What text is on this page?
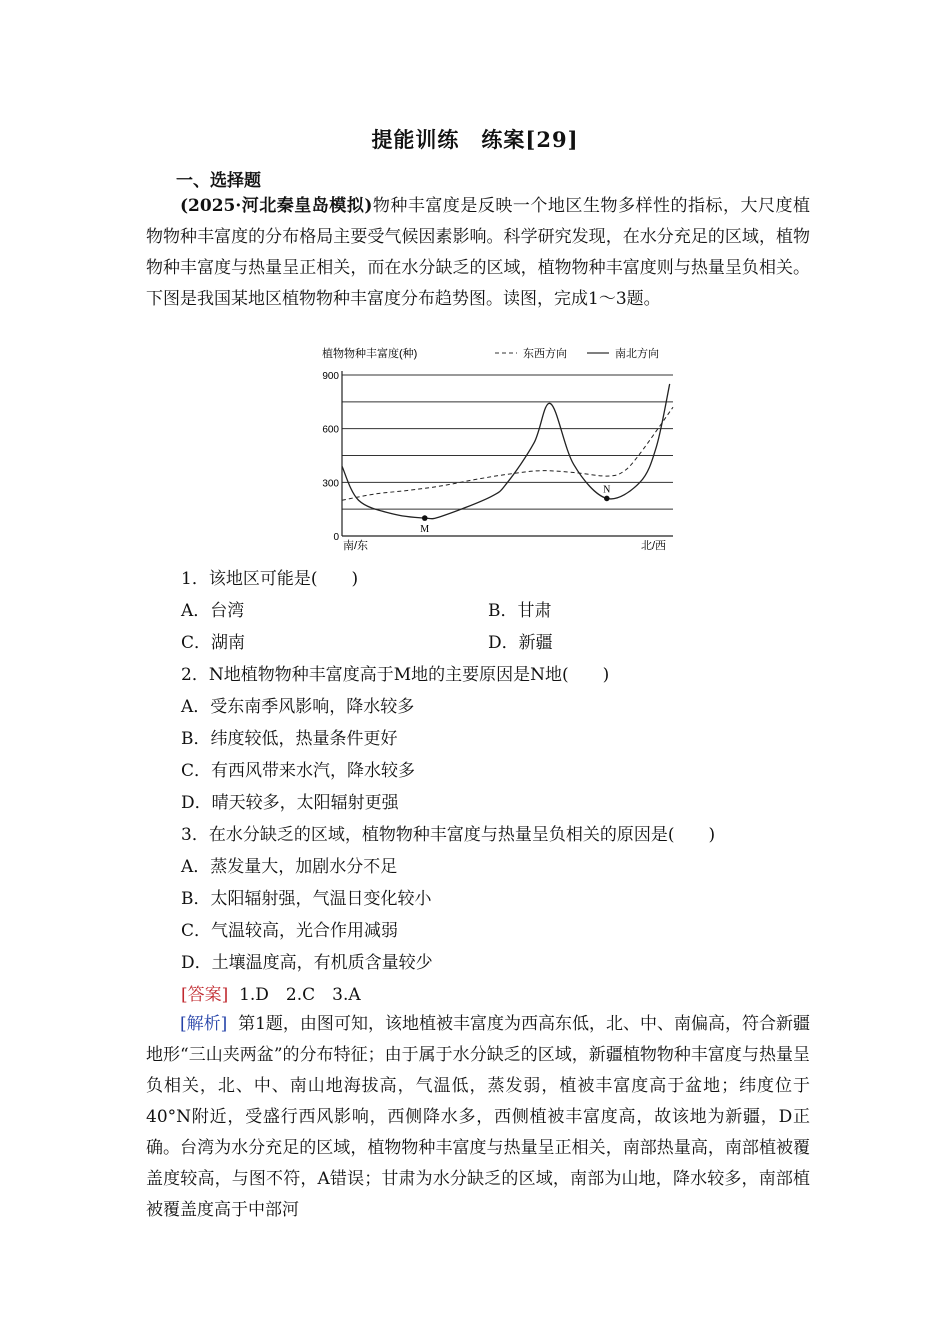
提能训练　练案[29]
一、选择题
(2025·河北秦皇岛模拟)物种丰富度是反映一个地区生物多样性的指标，大尺度植物物种丰富度的分布格局主要受气候因素影响。科学研究发现，在水分充足的区域，植物物种丰富度与热量呈正相关，而在水分缺乏的区域，植物物种丰富度则与热量呈负相关。下图是我国某地区植物物种丰富度分布趋势图。读图，完成1～3题。
植物物种丰富度(种)	东西方向	南北方向
0
300
600
900
M
N
南/东	北/西
1．该地区可能是(　　)
A．台湾	B．甘肃
C．湖南	D．新疆
2．N地植物物种丰富度高于M地的主要原因是N地(　　)
A．受东南季风影响，降水较多
B．纬度较低，热量条件更好
C．有西风带来水汽，降水较多
D．晴天较多，太阳辐射更强
3．在水分缺乏的区域，植物物种丰富度与热量呈负相关的原因是(　　)
A．蒸发量大，加剧水分不足
B．太阳辐射强，气温日变化较小
C．气温较高，光合作用减弱
D．土壤温度高，有机质含量较少
[答案] 1.D　2.C　3.A
[解析] 第1题，由图可知，该地植被丰富度为西高东低，北、中、南偏高，符合新疆地形“三山夹两盆”的分布特征；由于属于水分缺乏的区域，新疆植物物种丰富度与热量呈负相关，北、中、南山地海拔高，气温低，蒸发弱，植被丰富度高于盆地；纬度位于40°N附近，受盛行西风影响，西侧降水多，西侧植被丰富度高，故该地为新疆，D正确。台湾为水分充足的区域，植物物种丰富度与热量呈正相关，南部热量高，南部植被覆盖度较高，与图不符，A错误；甘肃为水分缺乏的区域，南部为山地，降水较多，南部植被覆盖度高于中部河
